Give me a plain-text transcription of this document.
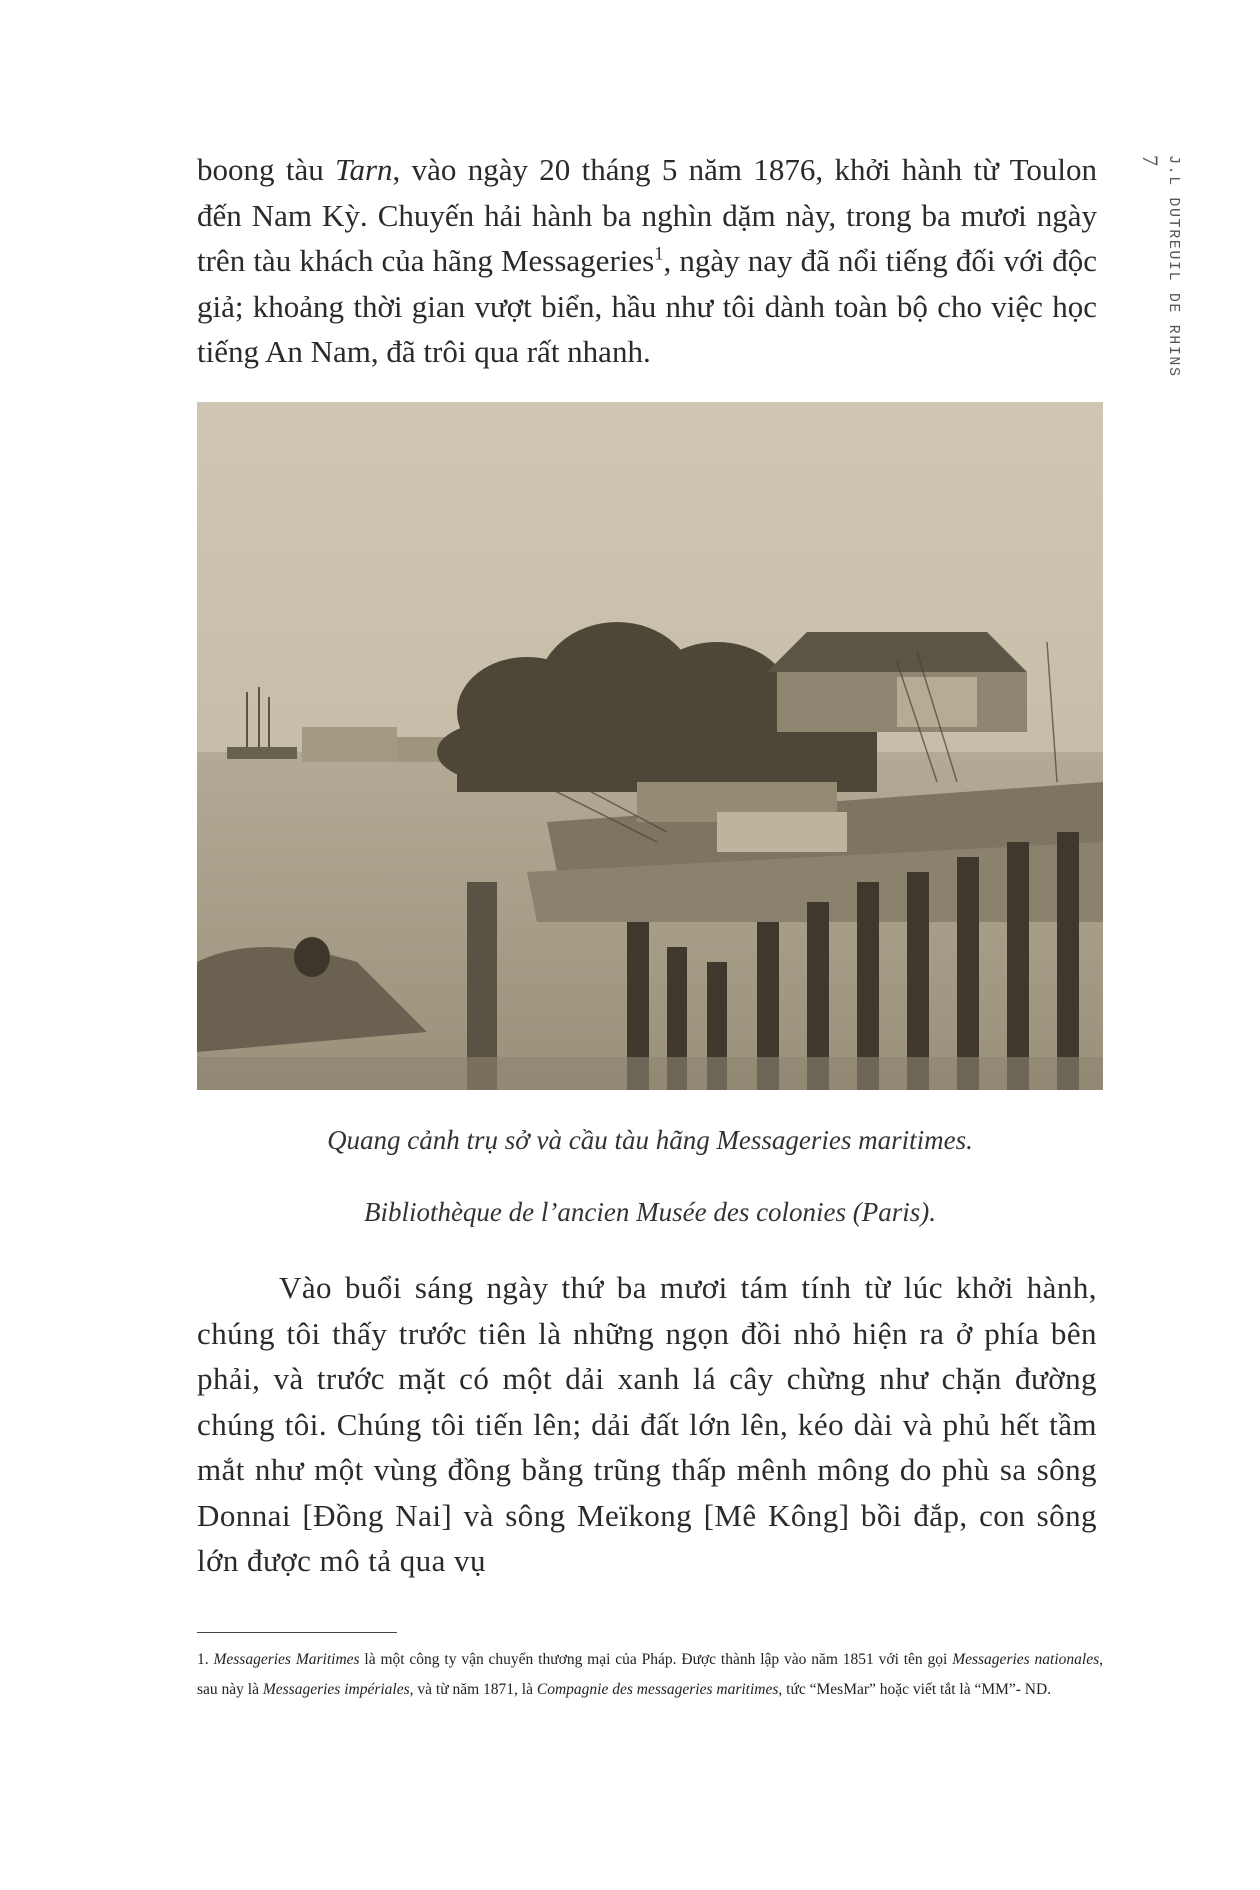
J.L DUTREUIL DE RHINS
7

boong tàu Tarn, vào ngày 20 tháng 5 năm 1876, khởi hành từ Toulon đến Nam Kỳ. Chuyến hải hành ba nghìn dặm này, trong ba mươi ngày trên tàu khách của hãng Messageries$^1$, ngày nay đã nổi tiếng đối với độc giả; khoảng thời gian vượt biển, hầu như tôi dành toàn bộ cho việc học tiếng An Nam, đã trôi qua rất nhanh.

Quang cảnh trụ sở và cầu tàu hãng Messageries maritimes.

Bibliothèque de l’ancien Musée des colonies (Paris).

Vào buổi sáng ngày thứ ba mươi tám tính từ lúc khởi hành, chúng tôi thấy trước tiên là những ngọn đồi nhỏ hiện ra ở phía bên phải, và trước mặt có một dải xanh lá cây chừng như chặn đường chúng tôi. Chúng tôi tiến lên; dải đất lớn lên, kéo dài và phủ hết tầm mắt như một vùng đồng bằng trũng thấp mênh mông do phù sa sông Donnai [Đồng Nai] và sông Meïkong [Mê Kông] bồi đắp, con sông lớn được mô tả qua vụ

1. Messageries Maritimes là một công ty vận chuyển thương mại của Pháp. Được thành lập vào năm 1851 với tên gọi Messageries nationales, sau này là Messageries impériales, và từ năm 1871, là Compagnie des messageries maritimes, tức “MesMar” hoặc viết tắt là “MM”- ND.
